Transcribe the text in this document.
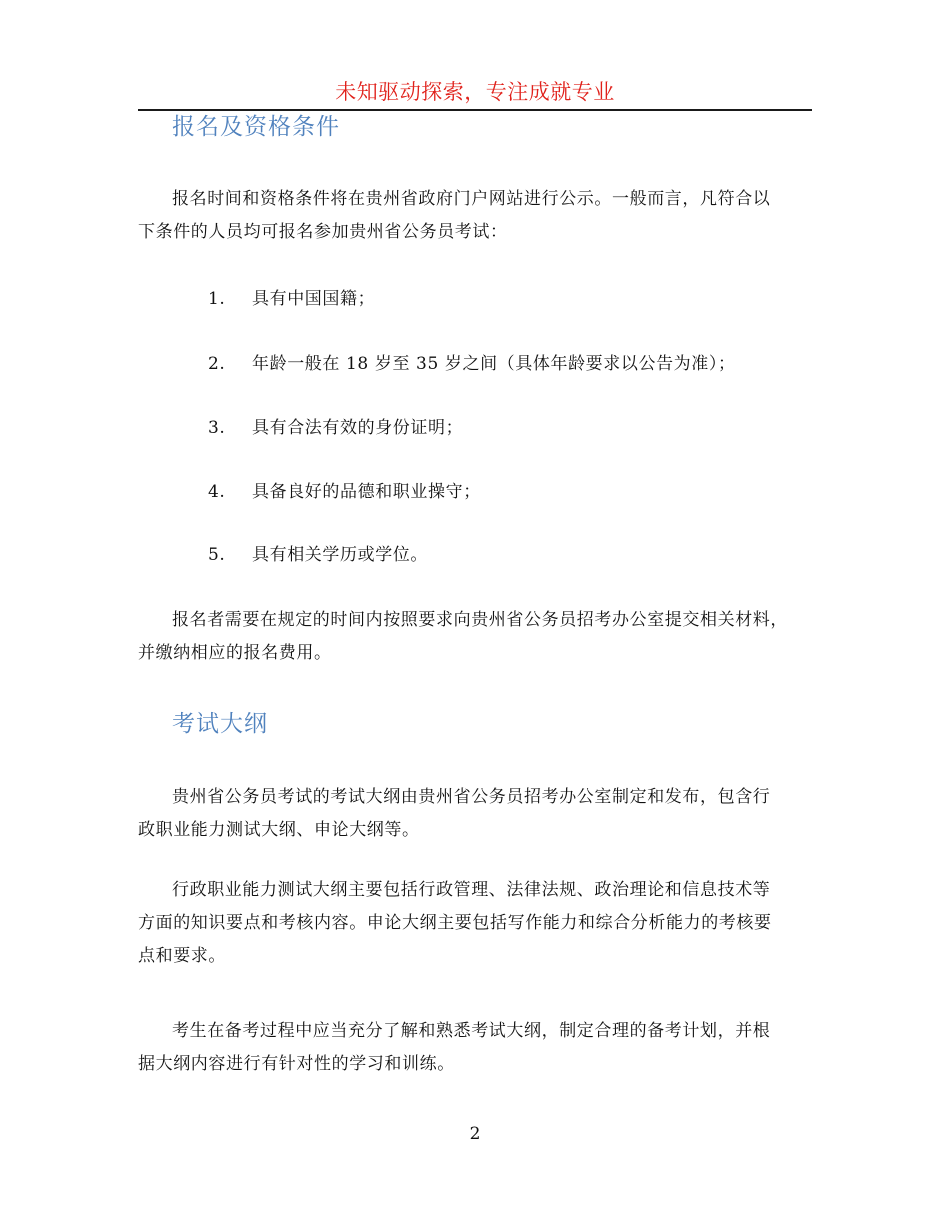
未知驱动探索，专注成就专业
报名及资格条件
报名时间和资格条件将在贵州省政府门户网站进行公示。一般而言，凡符合以
下条件的人员均可报名参加贵州省公务员考试：
1. 具有中国国籍；
2. 年龄一般在 18 岁至 35 岁之间（具体年龄要求以公告为准）；
3. 具有合法有效的身份证明；
4. 具备良好的品德和职业操守；
5. 具有相关学历或学位。
报名者需要在规定的时间内按照要求向贵州省公务员招考办公室提交相关材料，
并缴纳相应的报名费用。
考试大纲
贵州省公务员考试的考试大纲由贵州省公务员招考办公室制定和发布，包含行
政职业能力测试大纲、申论大纲等。
行政职业能力测试大纲主要包括行政管理、法律法规、政治理论和信息技术等
方面的知识要点和考核内容。申论大纲主要包括写作能力和综合分析能力的考核要
点和要求。
考生在备考过程中应当充分了解和熟悉考试大纲，制定合理的备考计划，并根
据大纲内容进行有针对性的学习和训练。
2
